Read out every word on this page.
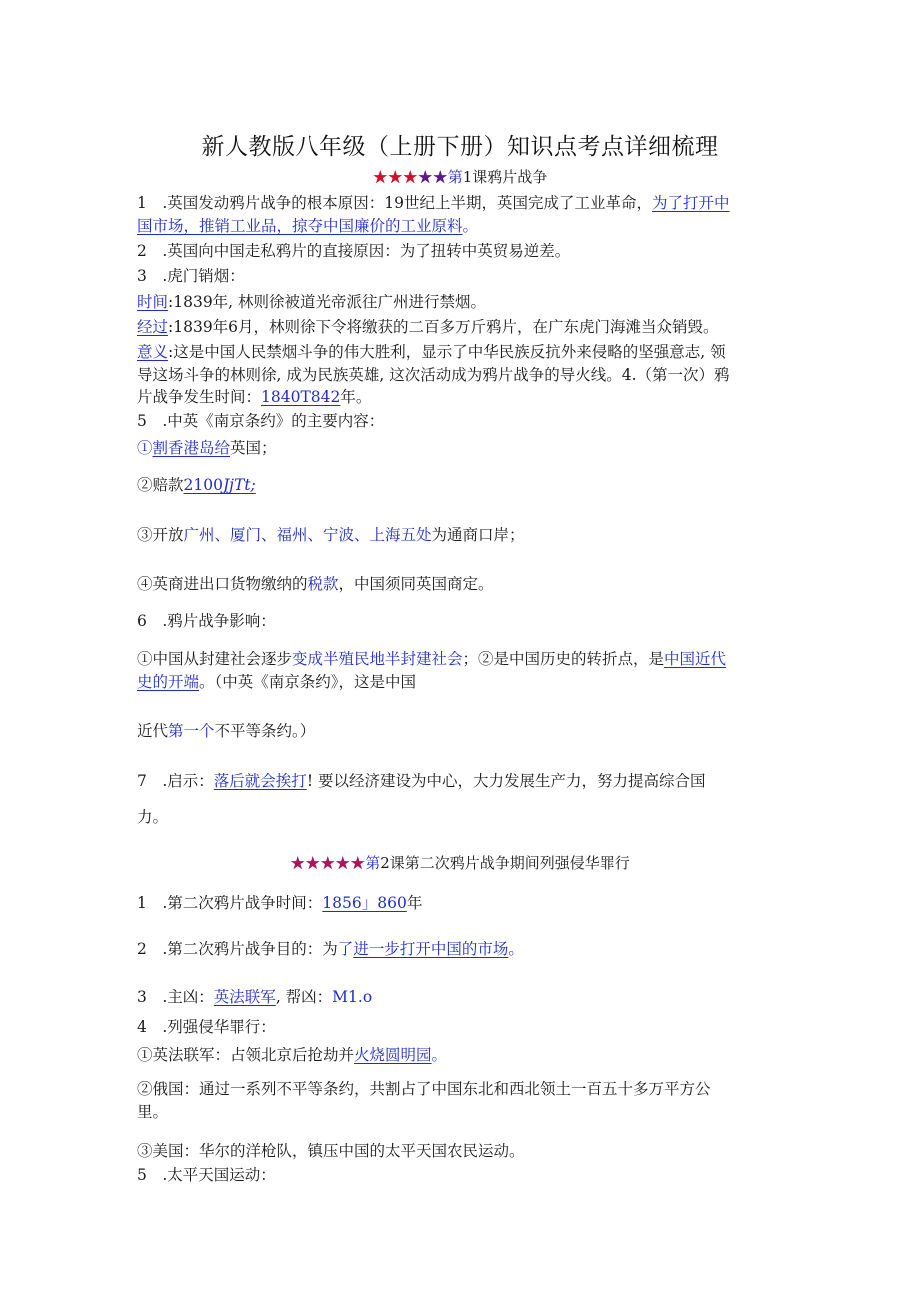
新人教版八年级（上册下册）知识点考点详细梳理
★★★★★第1课鸦片战争
1　.英国发动鸦片战争的根本原因：19世纪上半期，英国完成了工业革命，为了打开中
国市场，推销工业品，掠夺中国廉价的工业原料。
2　.英国向中国走私鸦片的直接原因：为了扭转中英贸易逆差。
3　.虎门销烟：
时间:1839年, 林则徐被道光帝派往广州进行禁烟。
经过:1839年6月，林则徐下令将缴获的二百多万斤鸦片，在广东虎门海滩当众销毁。
意义:这是中国人民禁烟斗争的伟大胜利，显示了中华民族反抗外来侵略的坚强意志, 领
导这场斗争的林则徐, 成为民族英雄, 这次活动成为鸦片战争的导火线。4.（第一次）鸦
片战争发生时间：1840T842年。
5　.中英《南京条约》的主要内容：
①割香港岛给英国；
②赔款2100JjTt;
③开放广州、厦门、福州、宁波、上海五处为通商口岸；
④英商进出口货物缴纳的税款，中国须同英国商定。
6　.鸦片战争影响：
①中国从封建社会逐步变成半殖民地半封建社会；②是中国历史的转折点，是中国近代
史的开端。（中英《南京条约》，这是中国
近代第一个不平等条约。）
7　.启示：落后就会挨打! 要以经济建设为中心，大力发展生产力，努力提高综合国
力。
★★★★★第2课第二次鸦片战争期间列强侵华罪行
1　.第二次鸦片战争时间：1856」860年
2　.第二次鸦片战争目的：为了进一步打开中国的市场。
3　.主凶：英法联军, 帮凶：M1.o
4　.列强侵华罪行：
①英法联军：占领北京后抢劫并火烧圆明园。
②俄国：通过一系列不平等条约，共割占了中国东北和西北领土一百五十多万平方公
里。
③美国：华尔的洋枪队，镇压中国的太平天国农民运动。
5　.太平天国运动：
